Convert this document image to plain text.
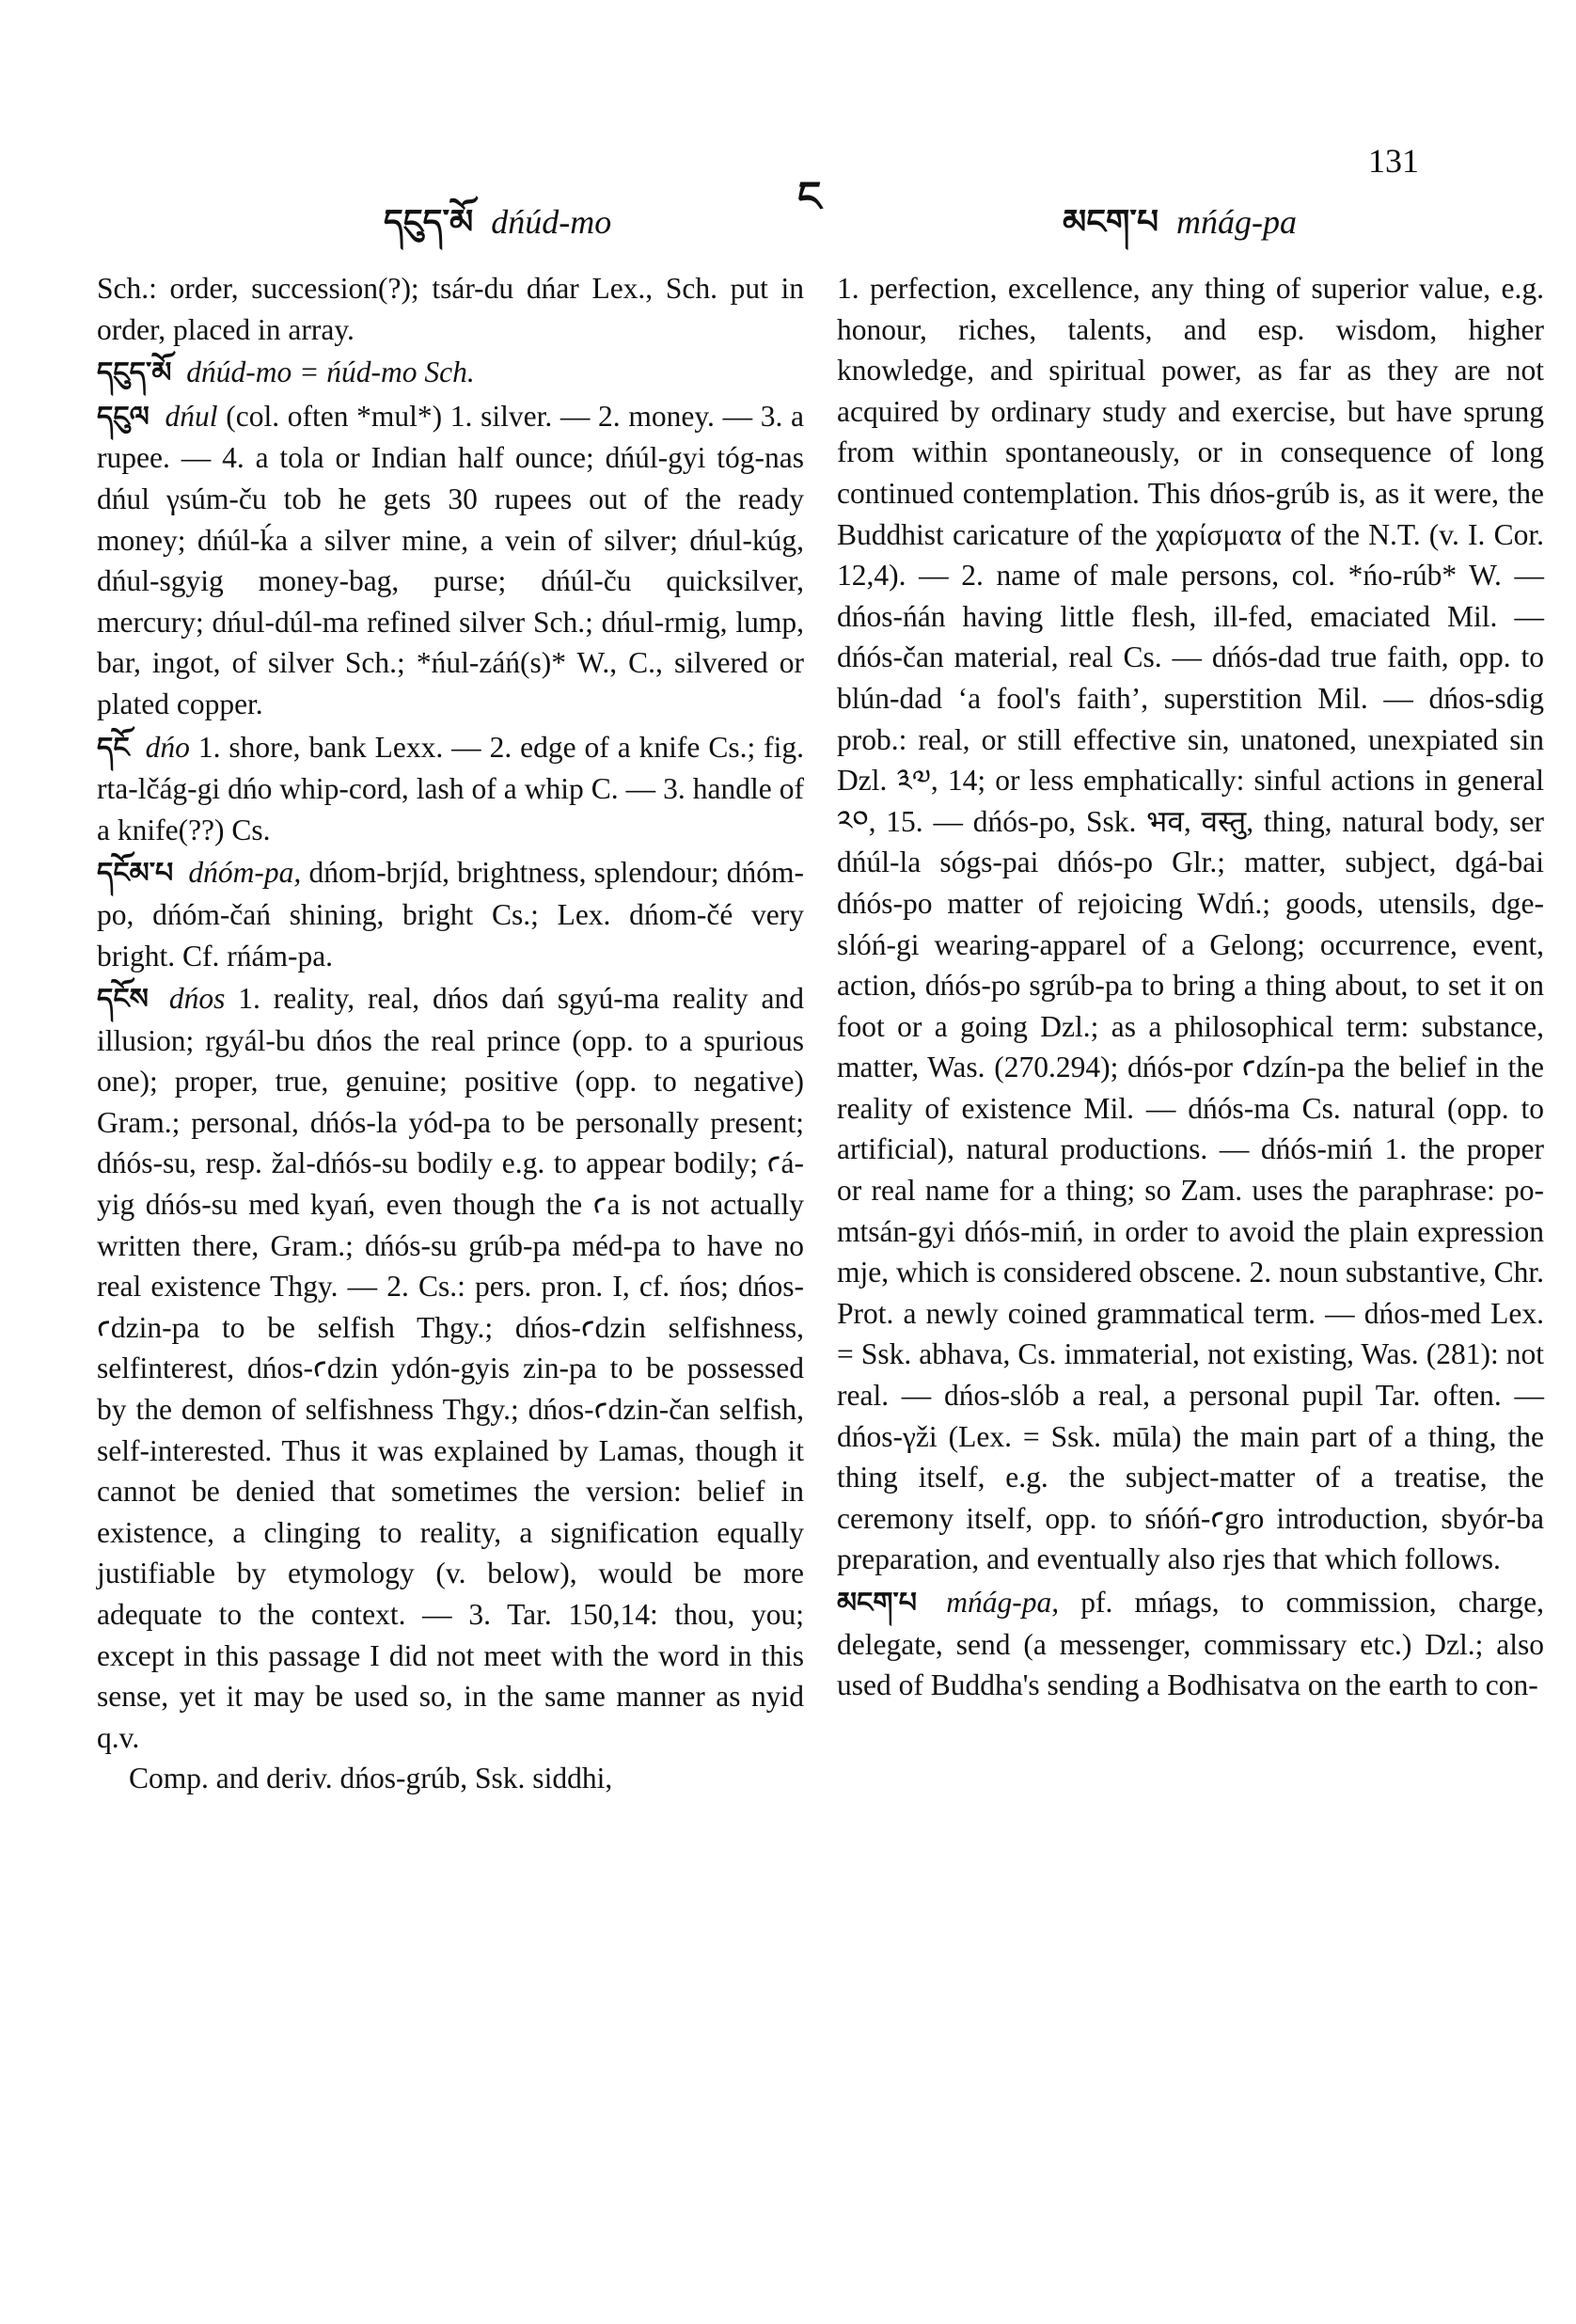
131
ང
དངུད་མོ dńúd-mo	མངག་པ mńág-pa

Sch.: order, succession(?); tsár-du dńar Lex., Sch. put in order, placed in array.

དངུད་མོ dńúd-mo = ńúd-mo Sch.

དངུལ dńul (col. often *mul*) 1. silver. — 2. money. — 3. a rupee. — 4. a tola or Indian half ounce; dńúl-gyi tóg-nas dńul γsúm-ču tob he gets 30 rupees out of the ready money; dńúl-ḱa a silver mine, a vein of silver; dńul-kúg, dńul-sgyig money-bag, purse; dńúl-ču quicksilver, mercury; dńul-dúl-ma refined silver Sch.; dńul-rmig, lump, bar, ingot, of silver Sch.; *ńul-záń(s)* W., C., silvered or plated copper.

དངོ dńo 1. shore, bank Lexx. — 2. edge of a knife Cs.; fig. rta-lčág-gi dńo whip-cord, lash of a whip C. — 3. handle of a knife(??) Cs.

དངོམ་པ dńóm-pa, dńom-brjíd, brightness, splendour; dńóm-po, dńóm-čań shining, bright Cs.; Lex. dńom-čé very bright. Cf. rńám-pa.

དངོས dńos 1. reality, real, dńos dań sgyú-ma reality and illusion; rgyál-bu dńos the real prince (opp. to a spurious one); proper, true, genuine; positive (opp. to negative) Gram.; personal, dńós-la yód-pa to be personally present; dńós-su, resp. žal-dńós-su bodily e.g. to appear bodily; ꜥá-yig dńós-su med kyań, even though the ꜥa is not actually written there, Gram.; dńós-su grúb-pa méd-pa to have no real existence Thgy. — 2. Cs.: pers. pron. I, cf. ńos; dńos-ꜥdzin-pa to be selfish Thgy.; dńos-ꜥdzin selfishness, selfinterest, dńos-ꜥdzin ydón-gyis zin-pa to be possessed by the demon of selfishness Thgy.; dńos-ꜥdzin-čan selfish, self-interested. Thus it was explained by Lamas, though it cannot be denied that sometimes the version: belief in existence, a clinging to reality, a signification equally justifiable by etymology (v. below), would be more adequate to the context. — 3. Tar. 150,14: thou, you; except in this passage I did not meet with the word in this sense, yet it may be used so, in the same manner as nyid q.v.

Comp. and deriv. dńos-grúb, Ssk. siddhi,

1. perfection, excellence, any thing of superior value, e.g. honour, riches, talents, and esp. wisdom, higher knowledge, and spiritual power, as far as they are not acquired by ordinary study and exercise, but have sprung from within spontaneously, or in consequence of long continued contemplation. This dńos-grúb is, as it were, the Buddhist caricature of the χαρίσματα of the N.T. (v. I. Cor. 12,4). — 2. name of male persons, col. *ńo-rúb* W. — dńos-ńán having little flesh, ill-fed, emaciated Mil. — dńós-čan material, real Cs. — dńós-dad true faith, opp. to blún-dad ‘a fool's faith’, superstition Mil. — dńos-sdig prob.: real, or still effective sin, unatoned, unexpiated sin Dzl. ༣༧, 14; or less emphatically: sinful actions in general ༢༠, 15. — dńós-po, Ssk. भव, वस्तु, thing, natural body, ser dńúl-la sógs-pai dńós-po Glr.; matter, subject, dgá-bai dńós-po matter of rejoicing Wdń.; goods, utensils, dge-slóń-gi wearing-apparel of a Gelong; occurrence, event, action, dńós-po sgrúb-pa to bring a thing about, to set it on foot or a going Dzl.; as a philosophical term: substance, matter, Was. (270.294); dńós-por ꜥdzín-pa the belief in the reality of existence Mil. — dńós-ma Cs. natural (opp. to artificial), natural productions. — dńós-miń 1. the proper or real name for a thing; so Zam. uses the paraphrase: po-mtsán-gyi dńós-miń, in order to avoid the plain expression mje, which is considered obscene. 2. noun substantive, Chr. Prot. a newly coined grammatical term. — dńos-med Lex. = Ssk. abhava, Cs. immaterial, not existing, Was. (281): not real. — dńos-slób a real, a personal pupil Tar. often. — dńos-γži (Lex. = Ssk. mūla) the main part of a thing, the thing itself, e.g. the subject-matter of a treatise, the ceremony itself, opp. to sńóń-ꜥgro introduction, sbyór-ba preparation, and eventually also rjes that which follows.

མངག་པ mńág-pa, pf. mńags, to commission, charge, delegate, send (a messenger, commissary etc.) Dzl.; also used of Buddha's sending a Bodhisatva on the earth to con-
